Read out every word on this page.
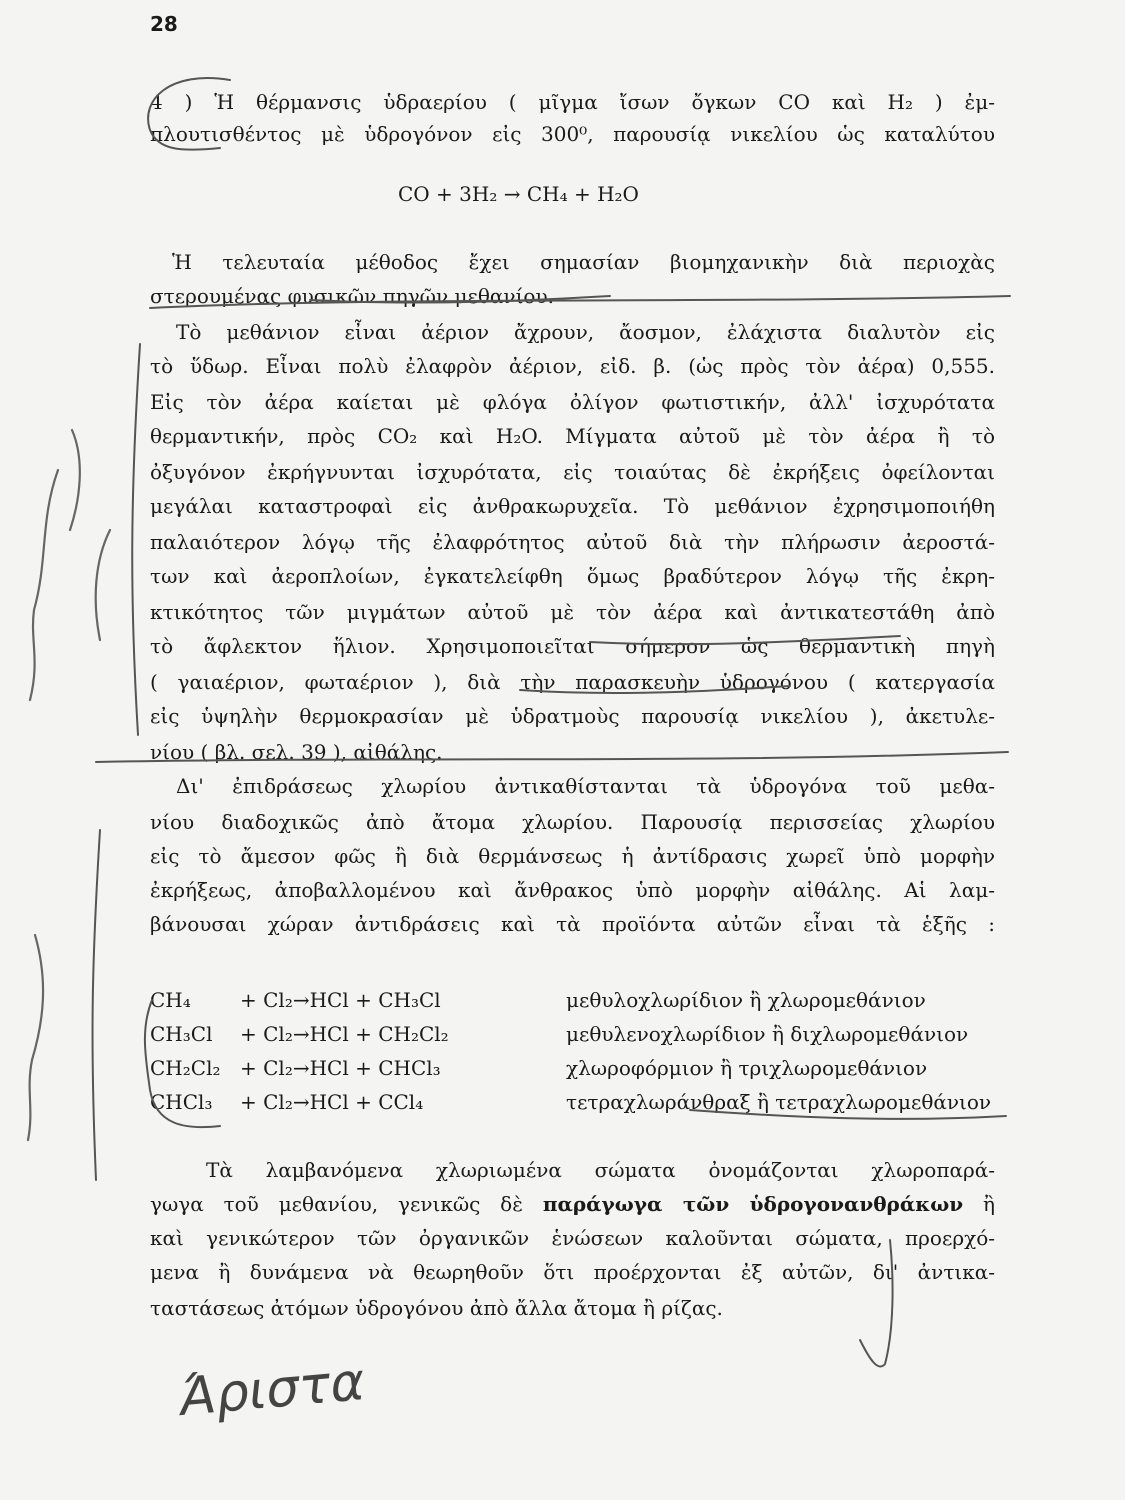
28

4 ) Ἡ θέρμανσις ὑδραερίου ( μῖγμα ἴσων ὄγκων CO καὶ H₂ ) ἐμ-

πλουτισθέντος μὲ ὑδρογόνον εἰς 300⁰, παρουσίᾳ νικελίου ὡς καταλύτου

CO + 3H₂ → CH₄ + H₂O

Ἡ τελευταία μέθοδος ἔχει σημασίαν βιομηχανικὴν διὰ περιοχὰς

στερουμένας φυσικῶν πηγῶν μεθανίου.

Τὸ μεθάνιον εἶναι ἀέριον ἄχρουν, ἄοσμον, ἐλάχιστα διαλυτὸν εἰς

τὸ ὕδωρ. Εἶναι πολὺ ἐλαφρὸν ἀέριον, εἰδ. β. (ὡς πρὸς τὸν ἀέρα) 0,555.

Εἰς τὸν ἀέρα καίεται μὲ φλόγα ὀλίγον φωτιστικήν, ἀλλ' ἰσχυρότατα

θερμαντικήν, πρὸς CO₂ καὶ H₂O. Μίγματα αὐτοῦ μὲ τὸν ἀέρα ἢ τὸ

ὀξυγόνον ἐκρήγνυνται ἰσχυρότατα, εἰς τοιαύτας δὲ ἐκρήξεις ὀφείλονται

μεγάλαι καταστροφαὶ εἰς ἀνθρακωρυχεῖα. Τὸ μεθάνιον ἐχρησιμοποιήθη

παλαιότερον λόγῳ τῆς ἐλαφρότητος αὐτοῦ διὰ τὴν πλήρωσιν ἀεροστά-

των καὶ ἀεροπλοίων, ἐγκατελείφθη ὅμως βραδύτερον λόγῳ τῆς ἐκρη-

κτικότητος τῶν μιγμάτων αὐτοῦ μὲ τὸν ἀέρα καὶ ἀντικατεστάθη ἀπὸ

τὸ ἄφλεκτον ἥλιον. Χρησιμοποιεῖται σήμερον ὡς θερμαντικὴ πηγὴ

( γαιαέριον, φωταέριον ), διὰ τὴν παρασκευὴν ὑδρογόνου ( κατεργασία

εἰς ὑψηλὴν θερμοκρασίαν μὲ ὑδρατμοὺς παρουσίᾳ νικελίου ), ἀκετυλε-

νίου ( βλ. σελ. 39 ), αἰθάλης.

Δι' ἐπιδράσεως χλωρίου ἀντικαθίστανται τὰ ὑδρογόνα τοῦ μεθα-

νίου διαδοχικῶς ἀπὸ ἄτομα χλωρίου. Παρουσίᾳ περισσείας χλωρίου

εἰς τὸ ἄμεσον φῶς ἢ διὰ θερμάνσεως ἡ ἀντίδρασις χωρεῖ ὑπὸ μορφὴν

ἐκρήξεως, ἀποβαλλομένου καὶ ἄνθρακος ὑπὸ μορφὴν αἰθάλης. Αἱ λαμ-

βάνουσαι χώραν ἀντιδράσεις καὶ τὰ προϊόντα αὐτῶν εἶναι τὰ ἑξῆς :

CH₄ + Cl₂→HCl + CH₃Cl	μεθυλοχλωρίδιον ἢ χλωρομεθάνιον
CH₃Cl + Cl₂→HCl + CH₂Cl₂	μεθυλενοχλωρίδιον ἢ διχλωρομεθάνιον
CH₂Cl₂ + Cl₂→HCl + CHCl₃	χλωροφόρμιον ἢ τριχλωρομεθάνιον
CHCl₃ + Cl₂→HCl + CCl₄	τετραχλωράνθραξ ἢ τετραχλωρομεθάνιον

Τὰ λαμβανόμενα χλωριωμένα σώματα ὀνομάζονται χλωροπαρά-

γωγα τοῦ μεθανίου, γενικῶς δὲ παράγωγα τῶν ὑδρογονανθράκων ἢ

καὶ γενικώτερον τῶν ὀργανικῶν ἑνώσεων καλοῦνται σώματα, προερχό-

μενα ἢ δυνάμενα νὰ θεωρηθοῦν ὅτι προέρχονται ἐξ αὐτῶν, δι' ἀντικα-

ταστάσεως ἀτόμων ὑδρογόνου ἀπὸ ἄλλα ἄτομα ἢ ρίζας.

Άριστα
